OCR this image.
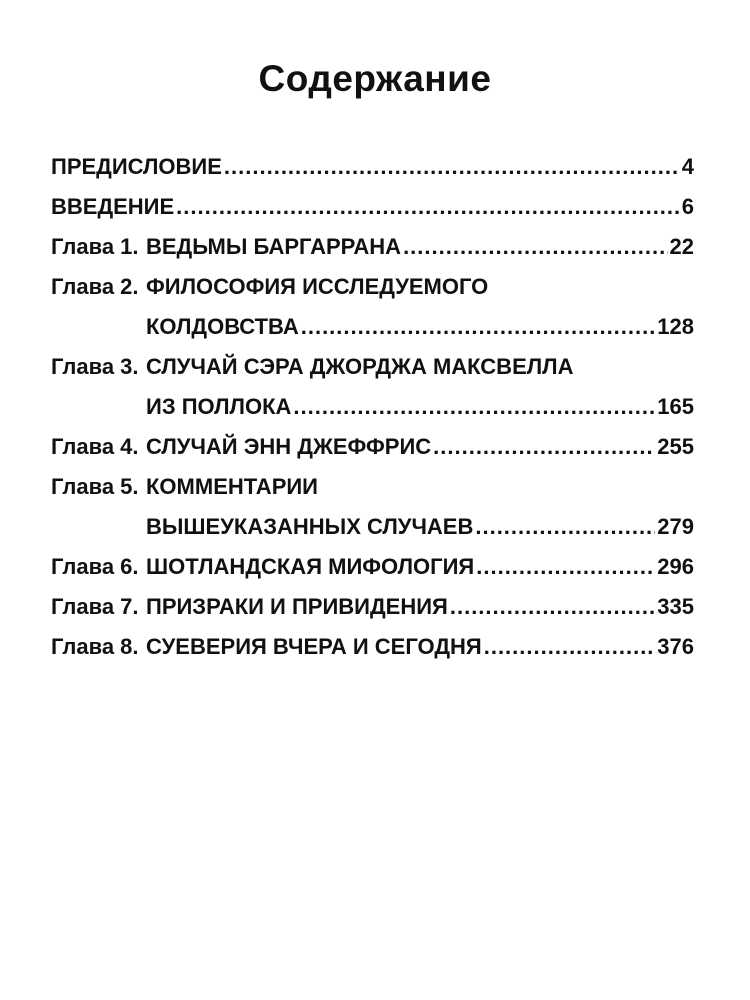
Содержание
ПРЕДИСЛОВИЕ .....	4
ВВЕДЕНИЕ .....	6
Глава 1. ВЕДЬМЫ БАРГАРРАНА .....	22
Глава 2. ФИЛОСОФИЯ ИССЛЕДУЕМОГО
КОЛДОВСТВА .....	128
Глава 3. СЛУЧАЙ СЭРА ДЖОРДЖА МАКСВЕЛЛА
ИЗ ПОЛЛОКА .....	165
Глава 4. СЛУЧАЙ ЭНН ДЖЕФФРИС .....	255
Глава 5. КОММЕНТАРИИ
ВЫШЕУКАЗАННЫХ СЛУЧАЕВ .....	279
Глава 6. ШОТЛАНДСКАЯ МИФОЛОГИЯ .....	296
Глава 7. ПРИЗРАКИ И ПРИВИДЕНИЯ .....	335
Глава 8. СУЕВЕРИЯ ВЧЕРА И СЕГОДНЯ .....	376
